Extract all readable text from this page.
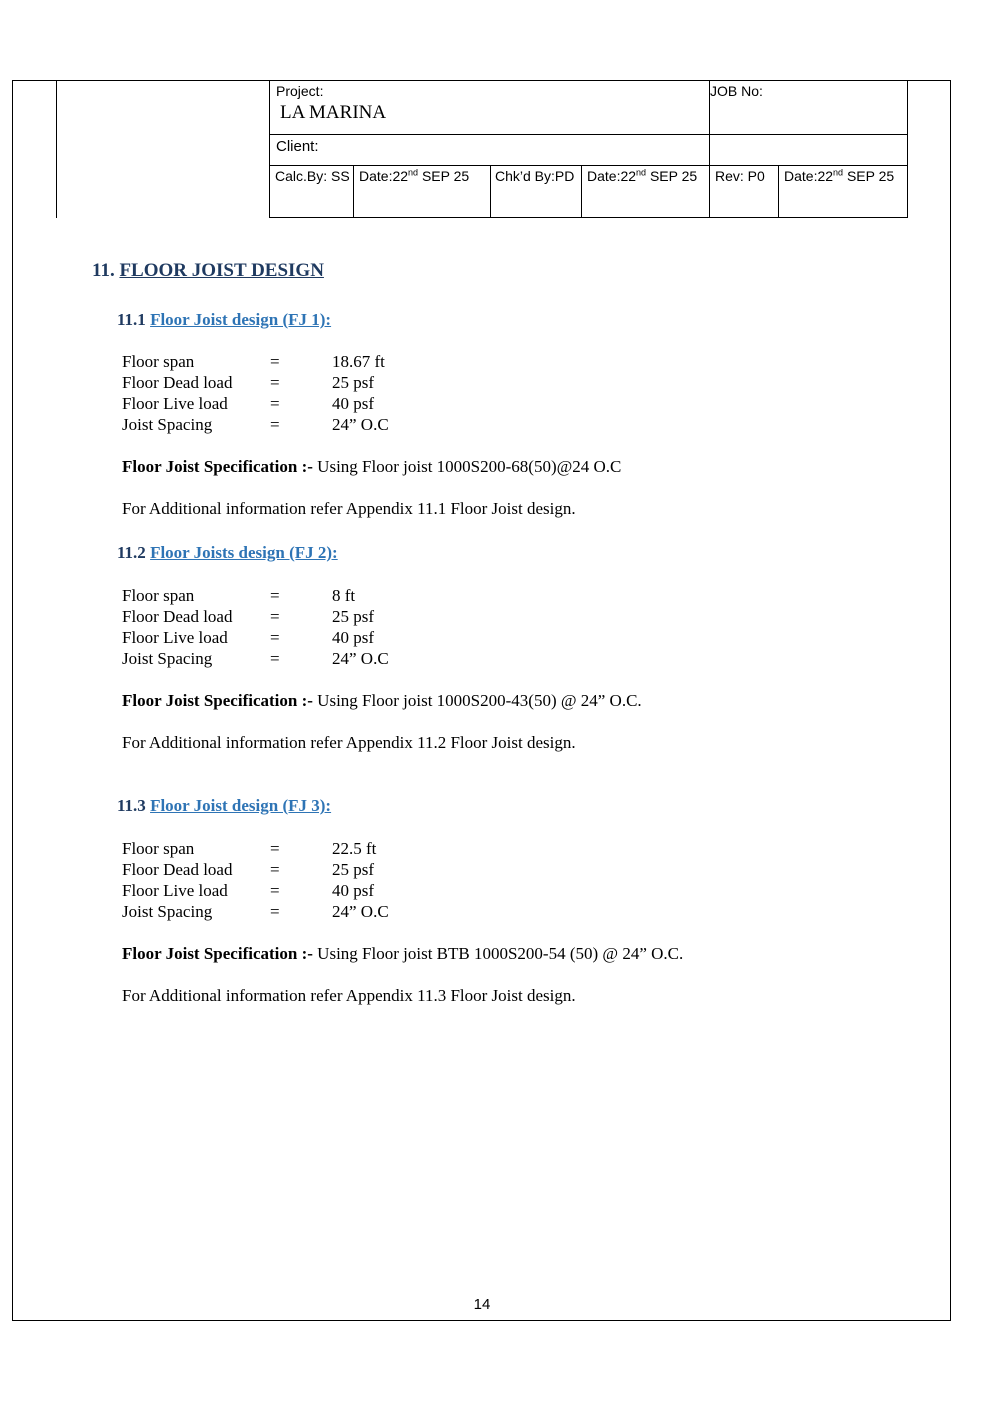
Project:
LA MARINA
JOB No:
Client:
Calc.By: SS Date:22nd SEP 25 Chk’d By:PD Date:22nd SEP 25 Rev: P0 Date:22nd SEP 25
11. FLOOR JOIST DESIGN
11.1 Floor Joist design (FJ 1):
Floor span	=	18.67 ft
Floor Dead load =	25 psf
Floor Live load =	40 psf
Joist Spacing	=	24” O.C
Floor Joist Specification :- Using Floor joist 1000S200-68(50)@24 O.C
For Additional information refer Appendix 11.1 Floor Joist design.
11.2 Floor Joists design (FJ 2):
Floor span	=	8 ft
Floor Dead load =	25 psf
Floor Live load =	40 psf
Joist Spacing	=	24” O.C
Floor Joist Specification :- Using Floor joist 1000S200-43(50) @ 24” O.C.
For Additional information refer Appendix 11.2 Floor Joist design.
11.3 Floor Joist design (FJ 3):
Floor span	=	22.5 ft
Floor Dead load =	25 psf
Floor Live load =	40 psf
Joist Spacing	=	24” O.C
Floor Joist Specification :- Using Floor joist BTB 1000S200-54 (50) @ 24” O.C.
For Additional information refer Appendix 11.3 Floor Joist design.
14
